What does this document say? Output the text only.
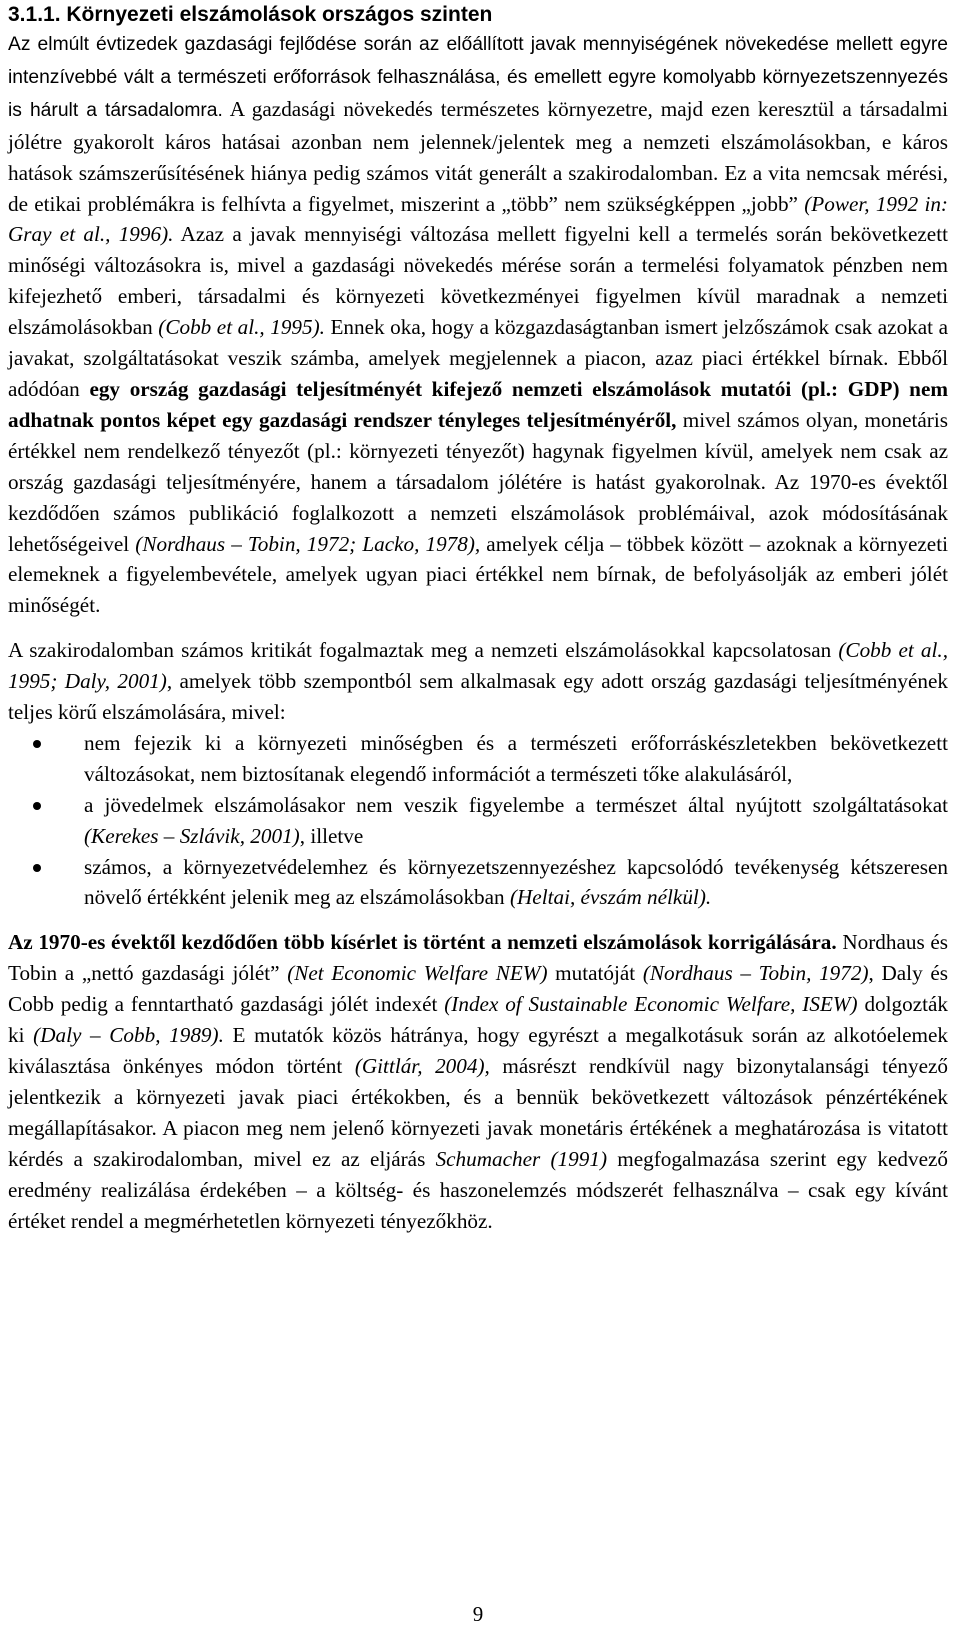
3.1.1. Környezeti elszámolások országos szinten

Az elmúlt évtizedek gazdasági fejlődése során az előállított javak mennyiségének növekedése mellett egyre intenzívebbé vált a természeti erőforrások felhasználása, és emellett egyre komolyabb környezetszennyezés is hárult a társadalomra. A gazdasági növekedés természetes környezetre, majd ezen keresztül a társadalmi jólétre gyakorolt káros hatásai azonban nem jelennek/jelentek meg a nemzeti elszámolásokban, e káros hatások számszerűsítésének hiánya pedig számos vitát generált a szakirodalomban. Ez a vita nemcsak mérési, de etikai problémákra is felhívta a figyelmet, miszerint a „több” nem szükségképpen „jobb” (Power, 1992 in: Gray et al., 1996). Azaz a javak mennyiségi változása mellett figyelni kell a termelés során bekövetkezett minőségi változásokra is, mivel a gazdasági növekedés mérése során a termelési folyamatok pénzben nem kifejezhető emberi, társadalmi és környezeti következményei figyelmen kívül maradnak a nemzeti elszámolásokban (Cobb et al., 1995). Ennek oka, hogy a közgazdaságtanban ismert jelzőszámok csak azokat a javakat, szolgáltatásokat veszik számba, amelyek megjelennek a piacon, azaz piaci értékkel bírnak. Ebből adódóan egy ország gazdasági teljesítményét kifejező nemzeti elszámolások mutatói (pl.: GDP) nem adhatnak pontos képet egy gazdasági rendszer tényleges teljesítményéről, mivel számos olyan, monetáris értékkel nem rendelkező tényezőt (pl.: környezeti tényezőt) hagynak figyelmen kívül, amelyek nem csak az ország gazdasági teljesítményére, hanem a társadalom jólétére is hatást gyakorolnak. Az 1970-es évektől kezdődően számos publikáció foglalkozott a nemzeti elszámolások problémáival, azok módosításának lehetőségeivel (Nordhaus – Tobin, 1972; Lacko, 1978), amelyek célja – többek között – azoknak a környezeti elemeknek a figyelembevétele, amelyek ugyan piaci értékkel nem bírnak, de befolyásolják az emberi jólét minőségét.

A szakirodalomban számos kritikát fogalmaztak meg a nemzeti elszámolásokkal kapcsolatosan (Cobb et al., 1995; Daly, 2001), amelyek több szempontból sem alkalmasak egy adott ország gazdasági teljesítményének teljes körű elszámolására, mivel:

nem fejezik ki a környezeti minőségben és a természeti erőforráskészletekben bekövetkezett változásokat, nem biztosítanak elegendő információt a természeti tőke alakulásáról,
a jövedelmek elszámolásakor nem veszik figyelembe a természet által nyújtott szolgáltatásokat (Kerekes – Szlávik, 2001), illetve
számos, a környezetvédelemhez és környezetszennyezéshez kapcsolódó tevékenység kétszeresen növelő értékként jelenik meg az elszámolásokban (Heltai, évszám nélkül).

Az 1970-es évektől kezdődően több kísérlet is történt a nemzeti elszámolások korrigálására. Nordhaus és Tobin a „nettó gazdasági jólét” (Net Economic Welfare NEW) mutatóját (Nordhaus – Tobin, 1972), Daly és Cobb pedig a fenntartható gazdasági jólét indexét (Index of Sustainable Economic Welfare, ISEW) dolgozták ki (Daly – Cobb, 1989). E mutatók közös hátránya, hogy egyrészt a megalkotásuk során az alkotóelemek kiválasztása önkényes módon történt (Gittlár, 2004), másrészt rendkívül nagy bizonytalansági tényező jelentkezik a környezeti javak piaci értékokben, és a bennük bekövetkezett változások pénzértékének megállapításakor. A piacon meg nem jelenő környezeti javak monetáris értékének a meghatározása is vitatott kérdés a szakirodalomban, mivel ez az eljárás Schumacher (1991) megfogalmazása szerint egy kedvező eredmény realizálása érdekében – a költség- és haszonelemzés módszerét felhasználva – csak egy kívánt értéket rendel a megmérhetetlen környezeti tényezőkhöz.

9
